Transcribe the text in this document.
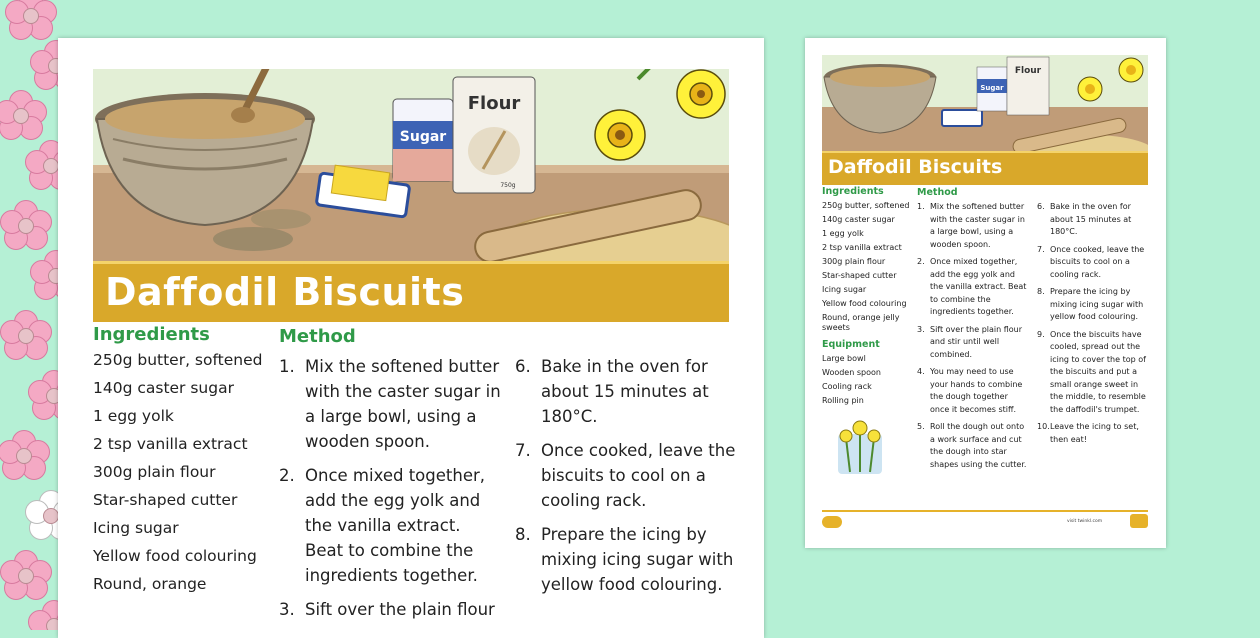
Sugar
Flour
750g
Daffodil Biscuits
Ingredients
250g butter, softened
140g caster sugar
1 egg yolk
2 tsp vanilla extract
300g plain flour
Star-shaped cutter
Icing sugar
Yellow food colouring
Round, orange
Method
1. Mix the softened butter with the caster sugar in a large bowl, using a wooden spoon.
2. Once mixed together, add the egg yolk and the vanilla extract. Beat to combine the ingredients together.
3. Sift over the plain flour
6. Bake in the oven for about 15 minutes at 180°C.
7. Once cooked, leave the biscuits to cool on a cooling rack.
8. Prepare the icing by mixing icing sugar with yellow food colouring.
Sugar
Flour
Daffodil Biscuits
Ingredients
250g butter, softened
140g caster sugar
1 egg yolk
2 tsp vanilla extract
300g plain flour
Star-shaped cutter
Icing sugar
Yellow food colouring
Round, orange jelly sweets
Equipment
Large bowl
Wooden spoon
Cooling rack
Rolling pin
Method
1. Mix the softened butter with the caster sugar in a large bowl, using a wooden spoon.
2. Once mixed together, add the egg yolk and the vanilla extract. Beat to combine the ingredients together.
3. Sift over the plain flour and stir until well combined.
4. You may need to use your hands to combine the dough together once it becomes stiff.
5. Roll the dough out onto a work surface and cut the dough into star shapes using the cutter.
6. Bake in the oven for about 15 minutes at 180°C.
7. Once cooked, leave the biscuits to cool on a cooling rack.
8. Prepare the icing by mixing icing sugar with yellow food colouring.
9. Once the biscuits have cooled, spread out the icing to cover the top of the biscuits and put a small orange sweet in the middle, to resemble the daffodil's trumpet.
10. Leave the icing to set, then eat!
visit twinkl.com
